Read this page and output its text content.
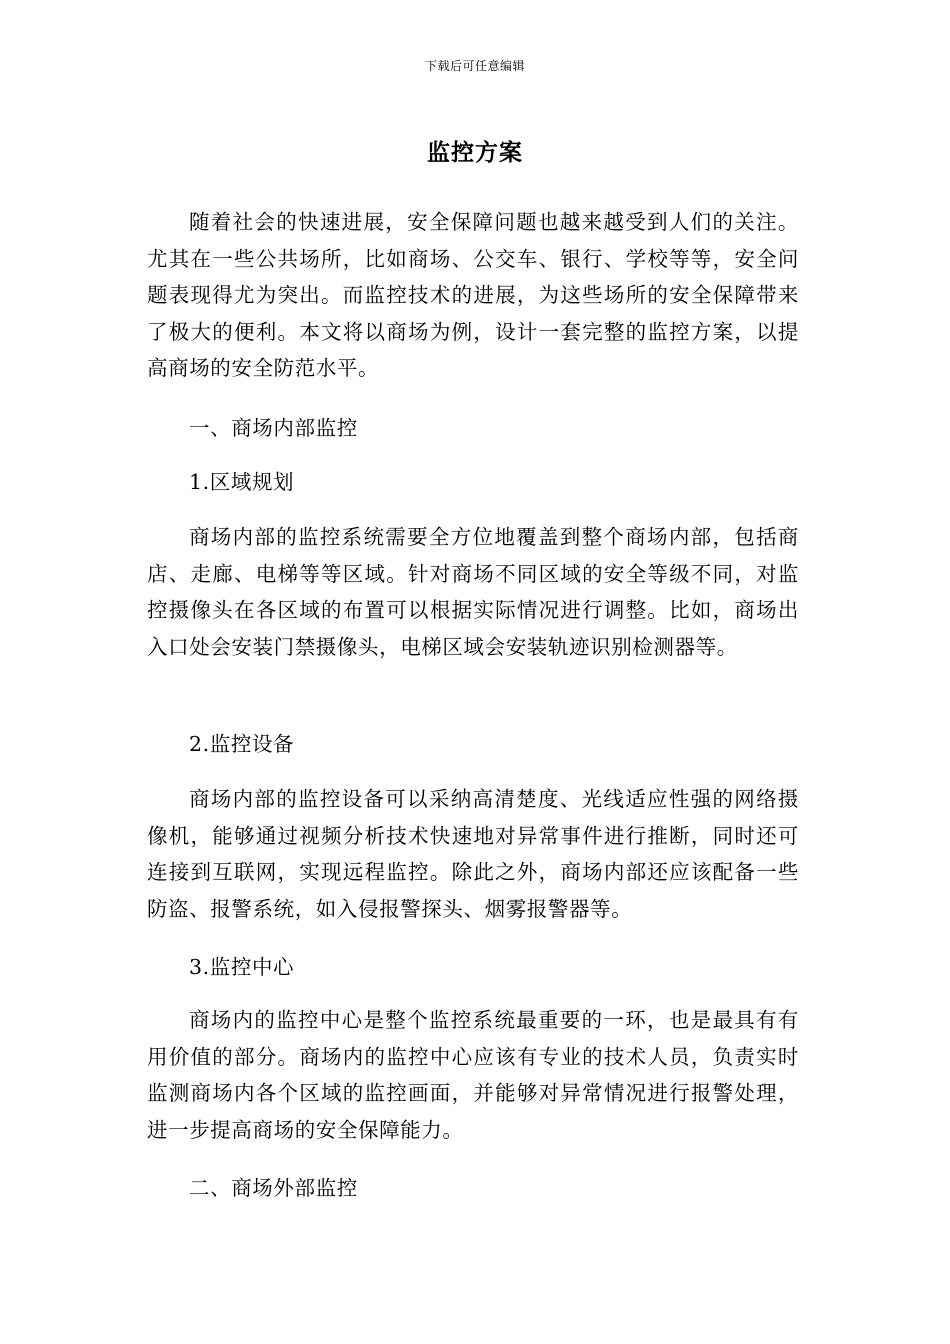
下载后可任意编辑
监控方案

随着社会的快速进展，安全保障问题也越来越受到人们的关注。尤其在一些公共场所，比如商场、公交车、银行、学校等等，安全问题表现得尤为突出。而监控技术的进展，为这些场所的安全保障带来了极大的便利。本文将以商场为例，设计一套完整的监控方案，以提高商场的安全防范水平。

一、商场内部监控
1.区域规划

商场内部的监控系统需要全方位地覆盖到整个商场内部，包括商店、走廊、电梯等等区域。针对商场不同区域的安全等级不同，对监控摄像头在各区域的布置可以根据实际情况进行调整。比如，商场出入口处会安装门禁摄像头，电梯区域会安装轨迹识别检测器等。

2.监控设备

商场内部的监控设备可以采纳高清楚度、光线适应性强的网络摄像机，能够通过视频分析技术快速地对异常事件进行推断，同时还可连接到互联网，实现远程监控。除此之外，商场内部还应该配备一些防盗、报警系统，如入侵报警探头、烟雾报警器等。

3.监控中心

商场内的监控中心是整个监控系统最重要的一环，也是最具有有用价值的部分。商场内的监控中心应该有专业的技术人员，负责实时监测商场内各个区域的监控画面，并能够对异常情况进行报警处理，进一步提高商场的安全保障能力。

二、商场外部监控
